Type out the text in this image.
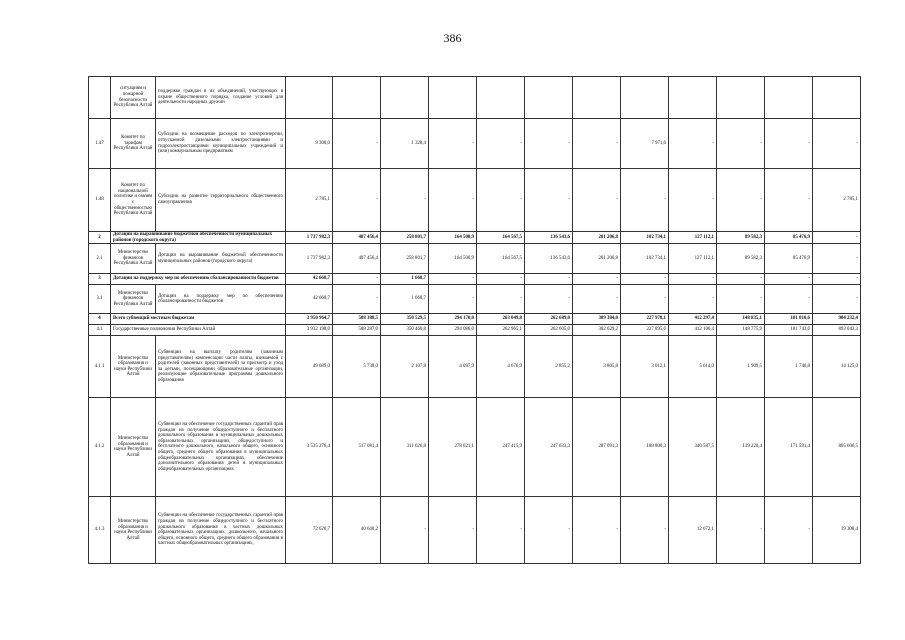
386
	ситуациям и пожарной безопасности Республики Алтай	поддержке граждан и их объединений, участвующих в охране общественного порядка, создание условий для деятельности народных дружин												
1.47	Комитет по тарифам Республики Алтай	Субсидии на возмещение расходов по электроэнергии, отпускаемой дизельными электростанциями и гидроэлектростанциями муниципальных учреждений и (или) коммунальным предприятиям	9 300,0	-	1 328,4	-	-	-	-	7 971,6	-	-	-	-
1.48	Комитет по национальной политике и связям с общественностью Республики Алтай	Субсидии на развитие территориального общественного самоуправления	2 785,1	-	-	-	-	-	-	-	-	-	-	2 785,1
2	Дотации на выравнивание бюджетной обеспеченности муниципальных районов (городского округа)		1 737 982,3	407 456,4	258 801,7	164 500,9	164 567,5	136 543,6	201 206,8	102 734,1	127 112,1	89 582,3	85 476,9	-
2.1	Министерство финансов Республики Алтай	Дотации на выравнивание бюджетной обеспеченности муниципальных районов (городского округа)	1 737 982,3	407 456,4	258 801,7	164 500,9	164 567,5	136 543,6	201 206,8	102 734,1	127 112,1	89 582,3	85 476,9	-
3	Дотации на поддержку мер по обеспечению сбалансированности бюджетов		42 668,7	-	1 668,7	-	-	-	-	-	-	-	-	-
3.1	Министерство финансов Республики Алтай	Дотации на поддержку мер по обеспечению сбалансированности бюджетов	42 668,7	-	1 668,7	-	-	-	-	-	-	-	-	-
4	Всего субвенций местным бюджетам		3 950 964,7	588 388,5	350 529,5	294 170,0	263 049,8	262 689,0	309 384,0	227 978,1	412 297,4	148 835,1	181 810,6	904 232,4
4.1	Государственные полномочия Республики Алтай		3 932 198,0	588 287,0	350 460,8	294 086,0	262 965,1	262 605,0	302 629,2	227 895,6	412 106,4	148 775,9	181 743,6	893 043,3
4.1.1	Министерство образования и науки Республики Алтай	Субвенции на выплату родителям (законным представителям) компенсации части платы, взимаемой с родителей (законных представителей) за присмотр и уход за детьми, посещающими образовательные организации, реализующие образовательные программы дошкольного образования	49 689,0	5 738,0	2 107,8	4 097,9	4 676,9	2 855,2	3 805,8	3 012,1	5 614,0	1 909,5	1 746,8	14 125,0
4.1.2	Министерство образования и науки Республики Алтай	Субвенции на обеспечение государственных гарантий прав граждан на получение общедоступного и бесплатного дошкольного образования в муниципальных дошкольных образовательных организациях, общедоступного и бесплатного дошкольного, начального общего, основного общего, среднего общего образования в муниципальных общеобразовательных организациях, обеспечение дополнительного образования детей в муниципальных общеобразовательных организациях	3 535 276,4	517 081,4	311 626,8	278 621,1	247 415,9	247 633,3	287 091,3	188 800,3	340 587,5	139 220,4	171 591,4	805 606,5
4.1.3	Министерство образования и науки Республики Алтай	Субвенции на обеспечение государственных гарантий прав граждан на получение общедоступного и бесплатного дошкольного образования в частных дошкольных образовательных организациях, дошкольного, начального общего, основного общего, среднего общего образования в частных общеобразовательных организациях,	72 620,7	40 640,2	-	-	-	-	-	-	12 672,1	-	-	19 308,4
